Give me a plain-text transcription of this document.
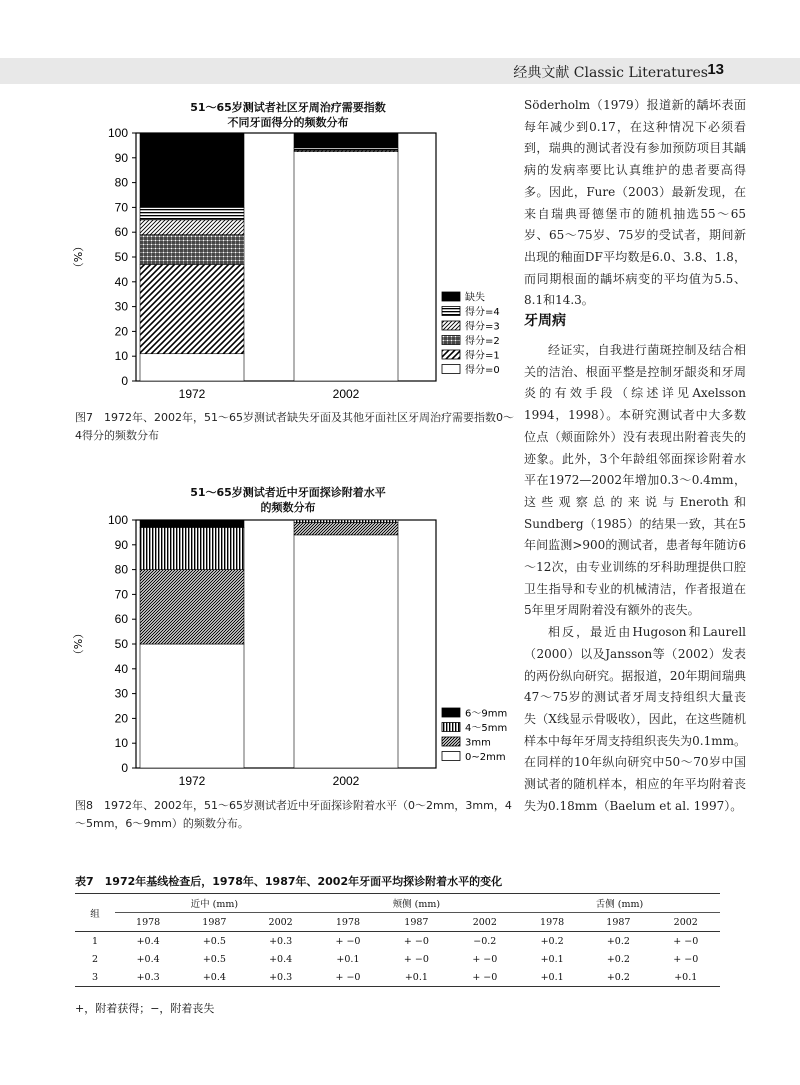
经典文献 Classic Literatures 13
51～65岁测试者社区牙周治疗需要指数
不同牙面得分的频数分布
0
10
20
30
40
50
60
70
80
90
100
（%）
1972	2002
缺失
得分=4
得分=3
得分=2
得分=1
得分=0
图7　1972年、2002年，51～65岁测试者缺失牙面及其他牙面社区牙周治疗需要指数0～4得分的频数分布
51～65岁测试者近中牙面探诊附着水平
的频数分布
0
10
20
30
40
50
60
70
80
90
100
（%）
1972	2002
6～9mm
4～5mm
3mm
0~2mm
图8　1972年、2002年，51～65岁测试者近中牙面探诊附着水平（0～2mm，3mm，4～5mm，6～9mm）的频数分布。

Söderholm（1979）报道新的龋坏表面每年减少到0.17，在这种情况下必须看到，瑞典的测试者没有参加预防项目其龋病的发病率要比认真维护的患者要高得多。因此，Fure（2003）最新发现，在来自瑞典哥德堡市的随机抽选55～65岁、65～75岁、75岁的受试者，期间新出现的釉面DF平均数是6.0、3.8、1.8，而同期根面的龋坏病变的平均值为5.5、8.1和14.3。

牙周病

经证实，自我进行菌斑控制及结合相关的洁治、根面平整是控制牙龈炎和牙周炎的有效手段（综述详见Axelsson 1994，1998）。本研究测试者中大多数位点（颊面除外）没有表现出附着丧失的迹象。此外，3个年龄组邻面探诊附着水平在1972—2002年增加0.3～0.4mm，这些观察总的来说与Eneroth和Sundberg（1985）的结果一致，其在5年间监测>900的测试者，患者每年随访6～12次，由专业训练的牙科助理提供口腔卫生指导和专业的机械清洁，作者报道在5年里牙周附着没有额外的丧失。

相反，最近由Hugoson和Laurell（2000）以及Jansson等（2002）发表的两份纵向研究。据报道，20年期间瑞典47～75岁的测试者牙周支持组织大量丧失（X线显示骨吸收），因此，在这些随机样本中每年牙周支持组织丧失为0.1mm。在同样的10年纵向研究中50～70岁中国测试者的随机样本，相应的年平均附着丧失为0.18mm（Baelum et al. 1997）。

表7　1972年基线检查后，1978年、1987年、2002年牙面平均探诊附着水平的变化
组	近中 (mm)			颊侧 (mm)			舌侧 (mm)		
	1978	1987	2002	1978	1987	2002	1978	1987	2002
1	+0.4	+0.5	+0.3	+ −0	+ −0	−0.2	+0.2	+0.2	+ −0
2	+0.4	+0.5	+0.4	+0.1	+ −0	+ −0	+0.1	+0.2	+ −0
3	+0.3	+0.4	+0.3	+ −0	+0.1	+ −0	+0.1	+0.2	+0.1
+，附着获得；−，附着丧失
